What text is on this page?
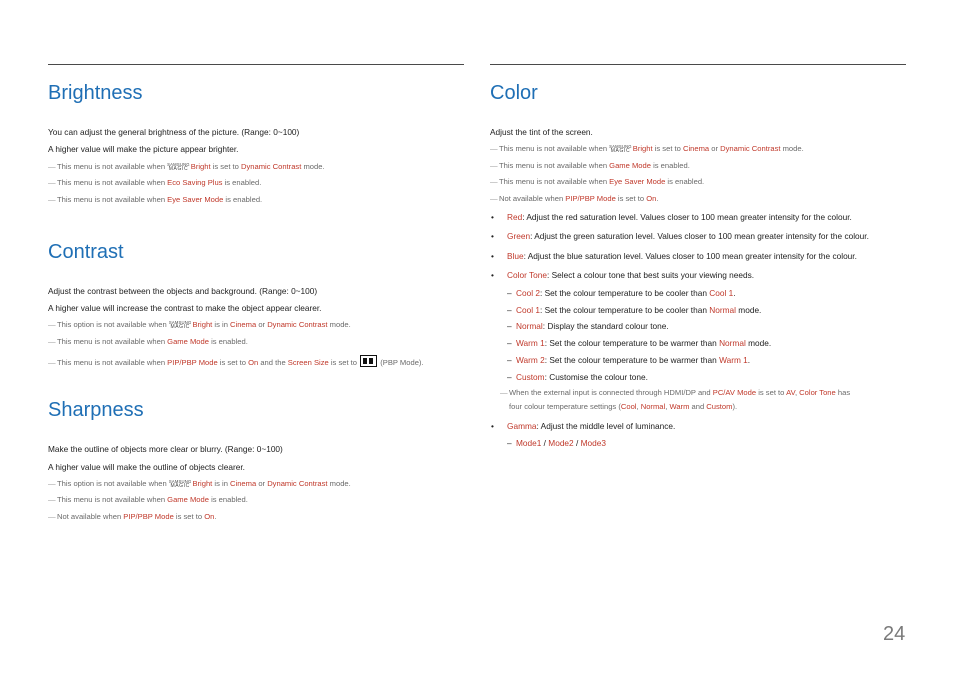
Brightness

You can adjust the general brightness of the picture. (Range: 0~100)

A higher value will make the picture appear brighter.

―This menu is not available when SAMSUNG
MAGIC Bright is set to Dynamic Contrast mode.

―This menu is not available when Eco Saving Plus is enabled.

―This menu is not available when Eye Saver Mode is enabled.

Contrast

Adjust the contrast between the objects and background. (Range: 0~100)

A higher value will increase the contrast to make the object appear clearer.

―This option is not available when SAMSUNG
MAGIC Bright is in Cinema or Dynamic Contrast mode.

―This menu is not available when Game Mode is enabled.

―This menu is not available when PIP/PBP Mode is set to On and the Screen Size is set to	(PBP Mode).

Sharpness

Make the outline of objects more clear or blurry. (Range: 0~100)

A higher value will make the outline of objects clearer.

―This option is not available when SAMSUNG
MAGIC Bright is in Cinema or Dynamic Contrast mode.

―This menu is not available when Game Mode is enabled.

―Not available when PIP/PBP Mode is set to On.

Color

Adjust the tint of the screen.

―This menu is not available when SAMSUNG
MAGIC Bright is set to Cinema or Dynamic Contrast mode.

―This menu is not available when Game Mode is enabled.

―This menu is not available when Eye Saver Mode is enabled.

―Not available when PIP/PBP Mode is set to On.

• Red: Adjust the red saturation level. Values closer to 100 mean greater intensity for the colour.

• Green: Adjust the green saturation level. Values closer to 100 mean greater intensity for the colour.

• Blue: Adjust the blue saturation level. Values closer to 100 mean greater intensity for the colour.

• Color Tone: Select a colour tone that best suits your viewing needs.

– Cool 2: Set the colour temperature to be cooler than Cool 1.

– Cool 1: Set the colour temperature to be cooler than Normal mode.

– Normal: Display the standard colour tone.

– Warm 1: Set the colour temperature to be warmer than Normal mode.

– Warm 2: Set the colour temperature to be warmer than Warm 1.

– Custom: Customise the colour tone.

―When the external input is connected through HDMI/DP and PC/AV Mode is set to AV, Color Tone has

four colour temperature settings (Cool, Normal, Warm and Custom).

• Gamma: Adjust the middle level of luminance.

– Mode1 / Mode2 / Mode3

24
